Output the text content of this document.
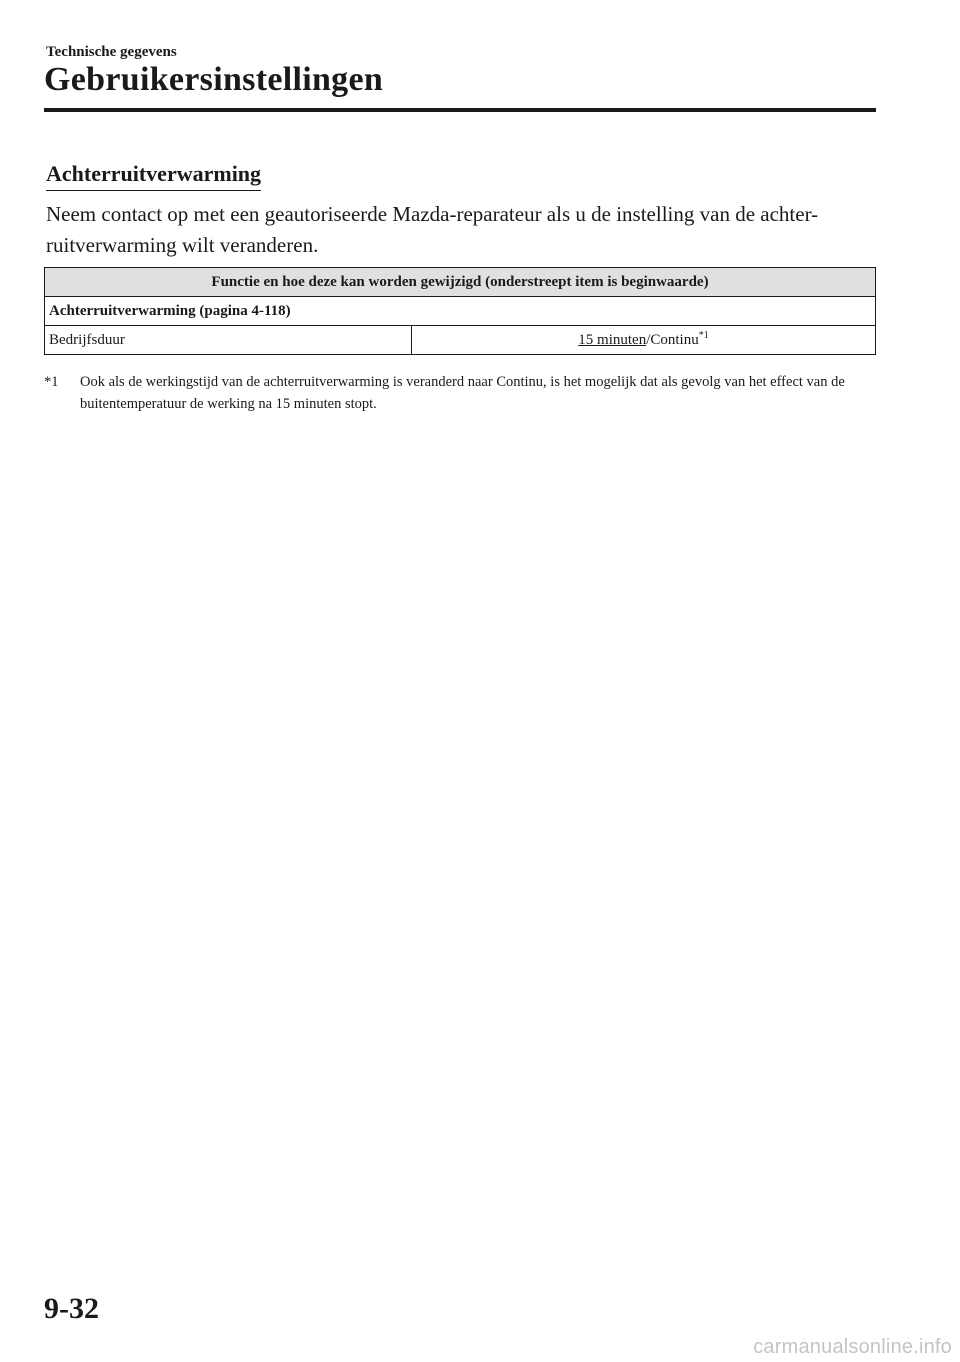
Technische gegevens
Gebruikersinstellingen
Achterruitverwarming

Neem contact op met een geautoriseerde Mazda-reparateur als u de instelling van de achter- ruitverwarming wilt veranderen.

Functie en hoe deze kan worden gewijzigd (onderstreept item is beginwaarde)
Achterruitverwarming (pagina 4-118)
Bedrijfsduur	15 minuten/Continu$^{*1}$
*1 Ook als de werkingstijd van de achterruitverwarming is veranderd naar Continu, is het mogelijk dat als gevolg van het effect van de buitentemperatuur de werking na 15 minuten stopt.
9-32
carmanualsonline.info
